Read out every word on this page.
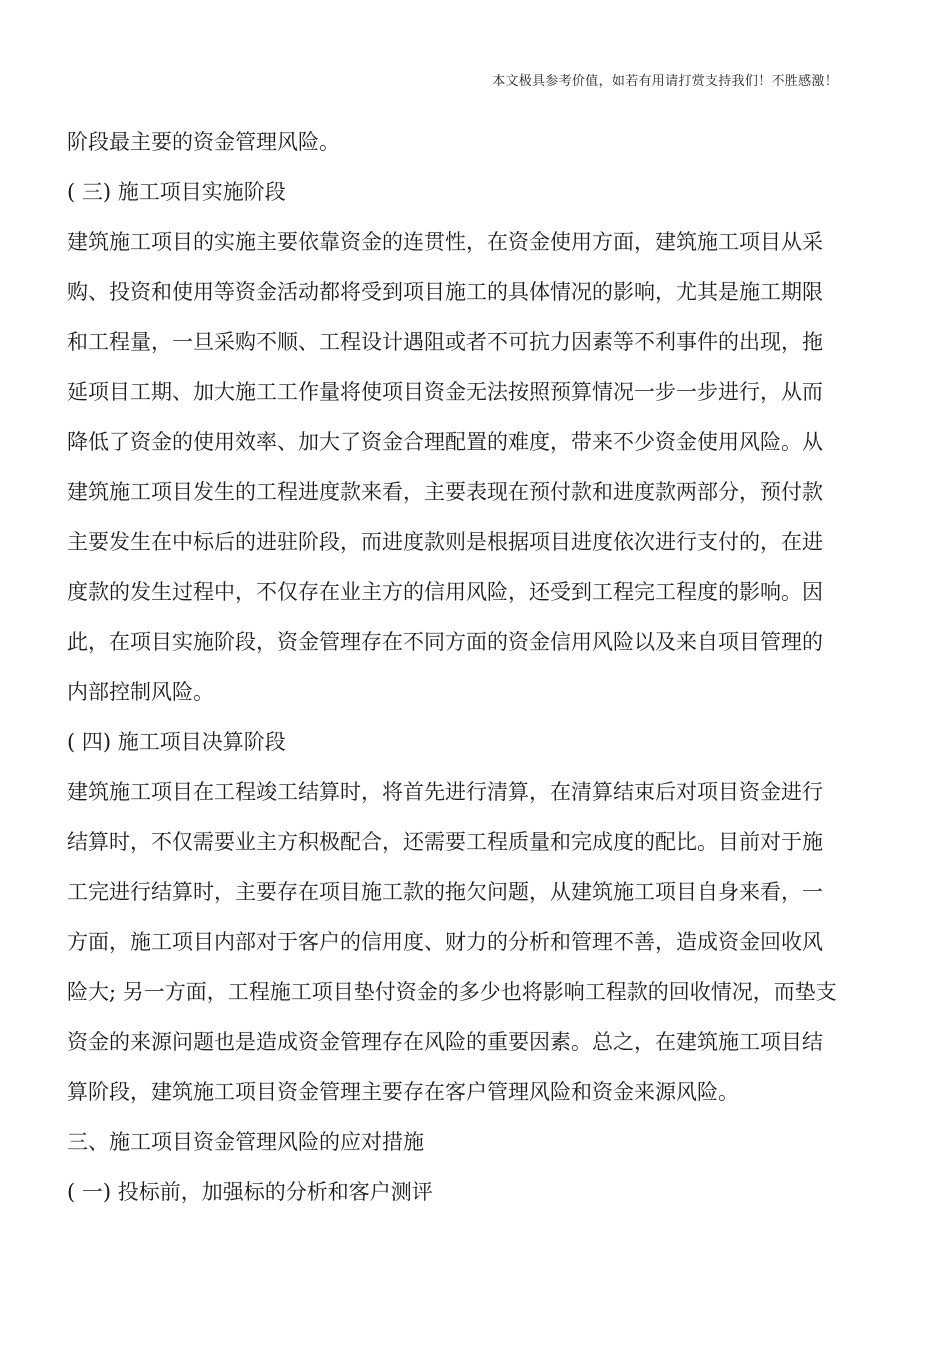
本文极具参考价值，如若有用请打赏支持我们！不胜感激！
阶段最主要的资金管理风险。
( 三) 施工项目实施阶段
建筑施工项目的实施主要依靠资金的连贯性，在资金使用方面，建筑施工项目从采
购、投资和使用等资金活动都将受到项目施工的具体情况的影响，尤其是施工期限
和工程量，一旦采购不顺、工程设计遇阻或者不可抗力因素等不利事件的出现，拖
延项目工期、加大施工工作量将使项目资金无法按照预算情况一步一步进行，从而
降低了资金的使用效率、加大了资金合理配置的难度，带来不少资金使用风险。从
建筑施工项目发生的工程进度款来看，主要表现在预付款和进度款两部分，预付款
主要发生在中标后的进驻阶段，而进度款则是根据项目进度依次进行支付的，在进
度款的发生过程中，不仅存在业主方的信用风险，还受到工程完工程度的影响。因
此，在项目实施阶段，资金管理存在不同方面的资金信用风险以及来自项目管理的
内部控制风险。
( 四) 施工项目决算阶段
建筑施工项目在工程竣工结算时，将首先进行清算，在清算结束后对项目资金进行
结算时，不仅需要业主方积极配合，还需要工程质量和完成度的配比。目前对于施
工完进行结算时，主要存在项目施工款的拖欠问题，从建筑施工项目自身来看，一
方面，施工项目内部对于客户的信用度、财力的分析和管理不善，造成资金回收风
险大; 另一方面，工程施工项目垫付资金的多少也将影响工程款的回收情况，而垫支
资金的来源问题也是造成资金管理存在风险的重要因素。总之，在建筑施工项目结
算阶段，建筑施工项目资金管理主要存在客户管理风险和资金来源风险。
三、施工项目资金管理风险的应对措施
( 一) 投标前，加强标的分析和客户测评
